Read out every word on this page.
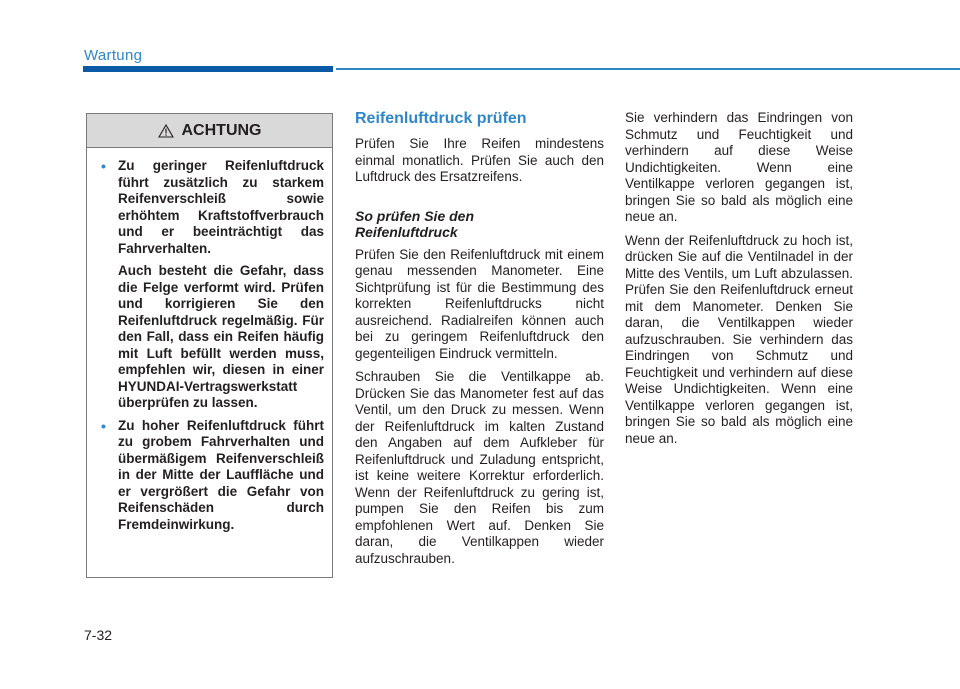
Wartung
ACHTUNG
• Zu geringer Reifenluftdruck führt zusätzlich zu starkem Reifenverschleiß sowie erhöhtem Kraftstoffverbrauch und er beeinträchtigt das Fahrverhalten.

Auch besteht die Gefahr, dass die Felge verformt wird. Prüfen und korrigieren Sie den Reifenluftdruck regelmäßig. Für den Fall, dass ein Reifen häufig mit Luft befüllt werden muss, empfehlen wir, diesen in einer HYUNDAI-Vertragswerkstatt überprüfen zu lassen.

• Zu hoher Reifenluftdruck führt zu grobem Fahrverhalten und übermäßigem Reifenverschleiß in der Mitte der Lauffläche und er vergrößert die Gefahr von Reifenschäden durch Fremdeinwirkung.

Reifenluftdruck prüfen

Prüfen Sie Ihre Reifen mindestens einmal monatlich. Prüfen Sie auch den Luftdruck des Ersatzreifens.

So prüfen Sie den Reifenluftdruck

Prüfen Sie den Reifenluftdruck mit einem genau messenden Manometer. Eine Sichtprüfung ist für die Bestimmung des korrekten Reifenluftdrucks nicht ausreichend. Radialreifen können auch bei zu geringem Reifenluftdruck den gegenteiligen Eindruck vermitteln.

Schrauben Sie die Ventilkappe ab. Drücken Sie das Manometer fest auf das Ventil, um den Druck zu messen. Wenn der Reifenluftdruck im kalten Zustand den Angaben auf dem Aufkleber für Reifenluftdruck und Zuladung entspricht, ist keine weitere Korrektur erforderlich. Wenn der Reifenluftdruck zu gering ist, pumpen Sie den Reifen bis zum empfohlenen Wert auf. Denken Sie daran, die Ventilkappen wieder aufzuschrauben.

Sie verhindern das Eindringen von Schmutz und Feuchtigkeit und verhindern auf diese Weise Undichtigkeiten. Wenn eine Ventilkappe verloren gegangen ist, bringen Sie so bald als möglich eine neue an.

Wenn der Reifenluftdruck zu hoch ist, drücken Sie auf die Ventilnadel in der Mitte des Ventils, um Luft abzulassen. Prüfen Sie den Reifenluftdruck erneut mit dem Manometer. Denken Sie daran, die Ventilkappen wieder aufzuschrauben. Sie verhindern das Eindringen von Schmutz und Feuchtigkeit und verhindern auf diese Weise Undichtigkeiten. Wenn eine Ventilkappe verloren gegangen ist, bringen Sie so bald als möglich eine neue an.

7-32
